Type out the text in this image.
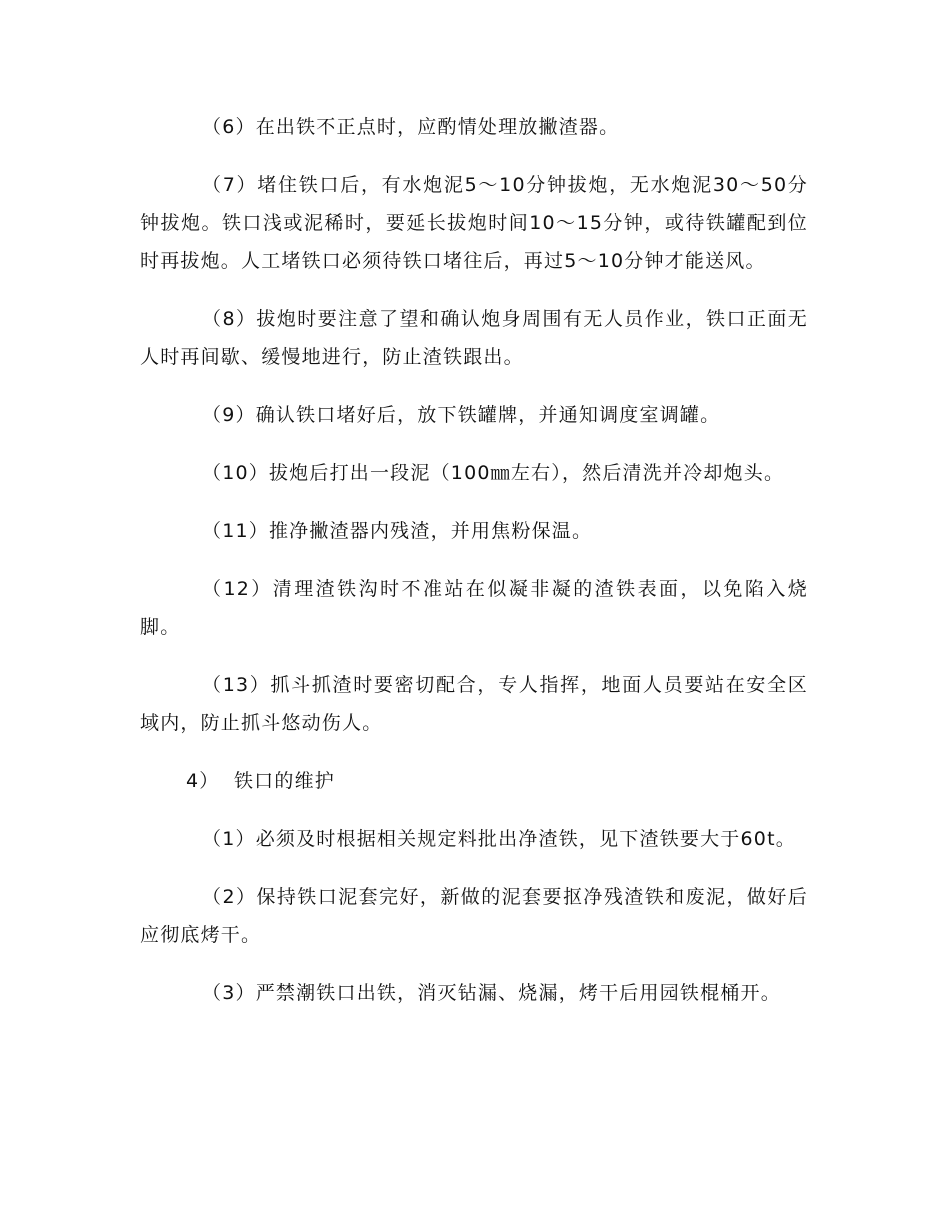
（6）在出铁不正点时，应酌情处理放撇渣器。

（7）堵住铁口后，有水炮泥5～10分钟拔炮，无水炮泥30～50分钟拔炮。铁口浅或泥稀时，要延长拔炮时间10～15分钟，或待铁罐配到位时再拔炮。人工堵铁口必须待铁口堵往后，再过5～10分钟才能送风。

（8）拔炮时要注意了望和确认炮身周围有无人员作业，铁口正面无人时再间歇、缓慢地进行，防止渣铁跟出。

（9）确认铁口堵好后，放下铁罐牌，并通知调度室调罐。

（10）拔炮后打出一段泥（100㎜左右），然后清洗并冷却炮头。

（11）推净撇渣器内残渣，并用焦粉保温。

（12）清理渣铁沟时不准站在似凝非凝的渣铁表面，以免陷入烧脚。

（13）抓斗抓渣时要密切配合，专人指挥，地面人员要站在安全区域内，防止抓斗悠动伤人。

4）  铁口的维护

（1）必须及时根据相关规定料批出净渣铁，见下渣铁要大于60t。

（2）保持铁口泥套完好，新做的泥套要抠净残渣铁和废泥，做好后应彻底烤干。

（3）严禁潮铁口出铁，消灭钻漏、烧漏，烤干后用园铁棍桶开。
